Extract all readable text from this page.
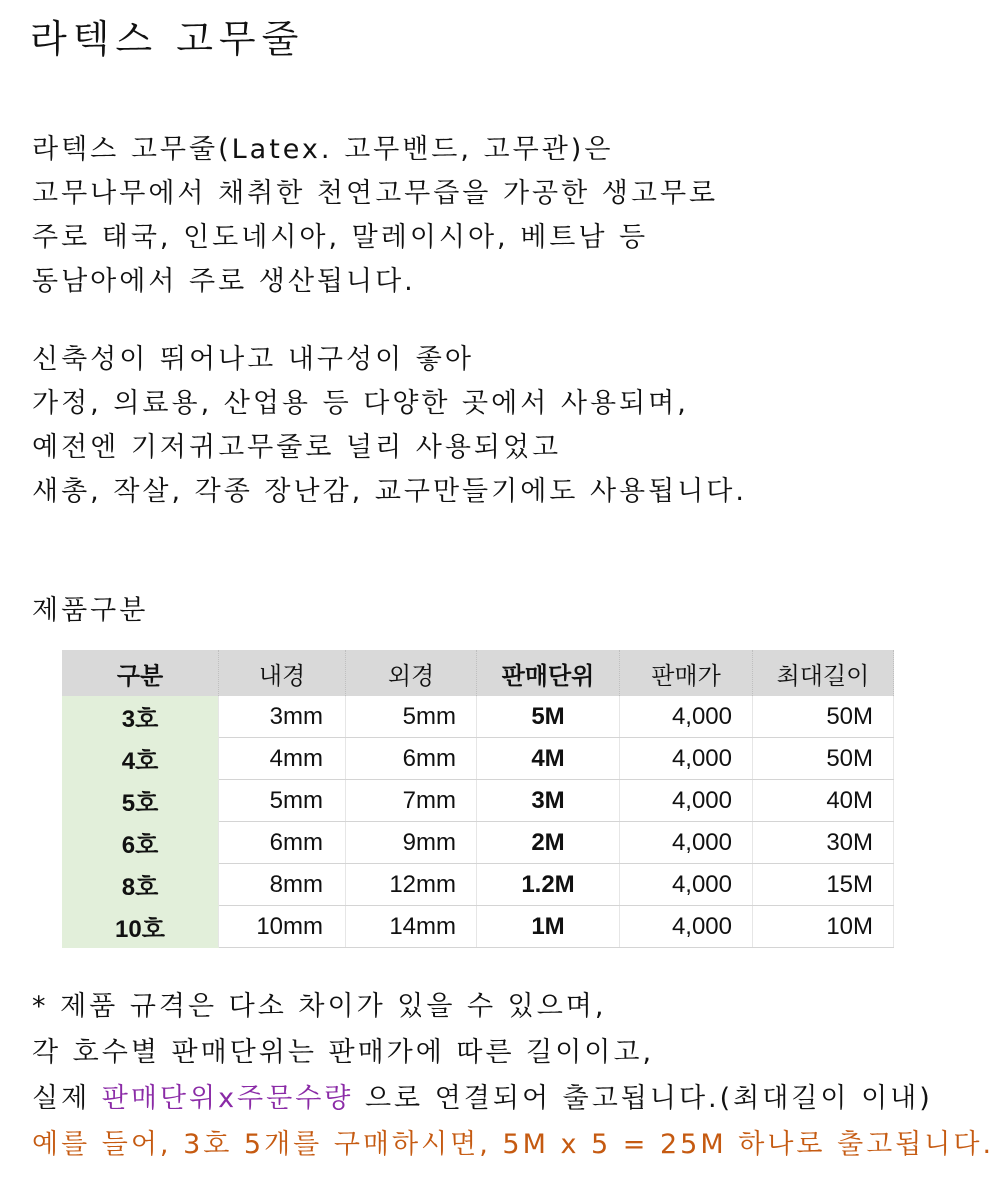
라텍스 고무줄
라텍스 고무줄(Latex. 고무밴드, 고무관)은
고무나무에서 채취한 천연고무즙을 가공한 생고무로
주로 태국, 인도네시아, 말레이시아, 베트남 등
동남아에서 주로 생산됩니다.
신축성이 뛰어나고 내구성이 좋아
가정, 의료용, 산업용 등 다양한 곳에서 사용되며,
예전엔 기저귀고무줄로 널리 사용되었고
새총, 작살, 각종 장난감, 교구만들기에도 사용됩니다.
제품구분
구분	내경	외경	판매단위	판매가	최대길이
3호	3mm	5mm	5M	4,000	50M
4호	4mm	6mm	4M	4,000	50M
5호	5mm	7mm	3M	4,000	40M
6호	6mm	9mm	2M	4,000	30M
8호	8mm	12mm	1.2M	4,000	15M
10호	10mm	14mm	1M	4,000	10M
* 제품 규격은 다소 차이가 있을 수 있으며,
각 호수별 판매단위는 판매가에 따른 길이이고,
실제 판매단위x주문수량 으로 연결되어 출고됩니다.(최대길이 이내)
예를 들어, 3호 5개를 구매하시면, 5M x 5 = 25M 하나로 출고됩니다.
